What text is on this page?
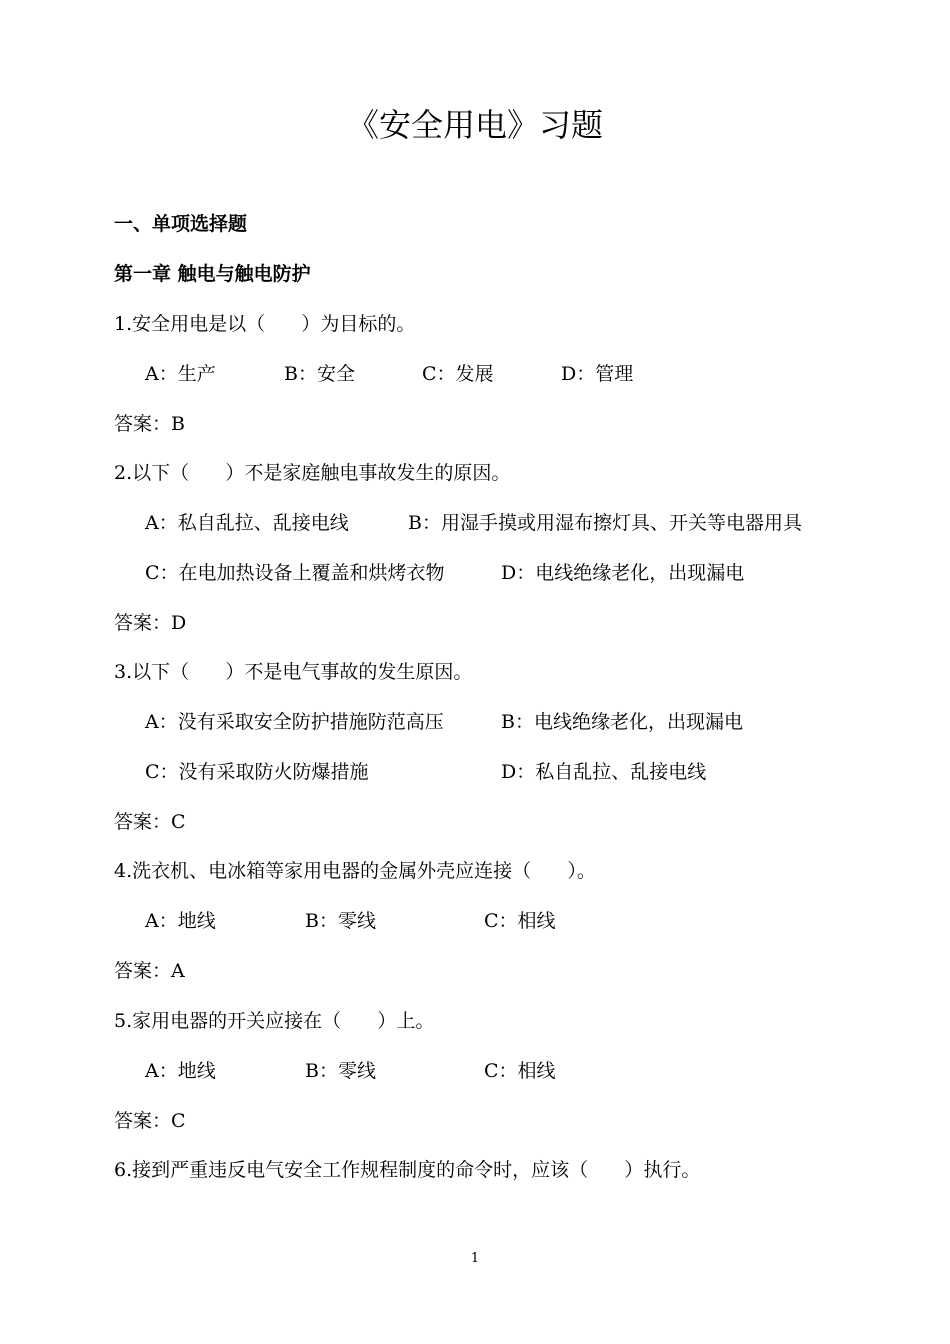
《安全用电》习题
一、单项选择题
第一章 触电与触电防护
1.安全用电是以（      ）为目标的。
A：生产	B：安全	C：发展	D：管理
答案：B
2.以下（      ）不是家庭触电事故发生的原因。
A：私自乱拉、乱接电线	B：用湿手摸或用湿布擦灯具、开关等电器用具
C：在电加热设备上覆盖和烘烤衣物	D：电线绝缘老化，出现漏电
答案：D
3.以下（      ）不是电气事故的发生原因。
A：没有采取安全防护措施防范高压	B：电线绝缘老化，出现漏电
C：没有采取防火防爆措施	D：私自乱拉、乱接电线
答案：C
4.洗衣机、电冰箱等家用电器的金属外壳应连接（      ）。
A：地线	B：零线	C：相线
答案：A
5.家用电器的开关应接在（      ）上。
A：地线	B：零线	C：相线
答案：C
6.接到严重违反电气安全工作规程制度的命令时，应该（      ）执行。
1
